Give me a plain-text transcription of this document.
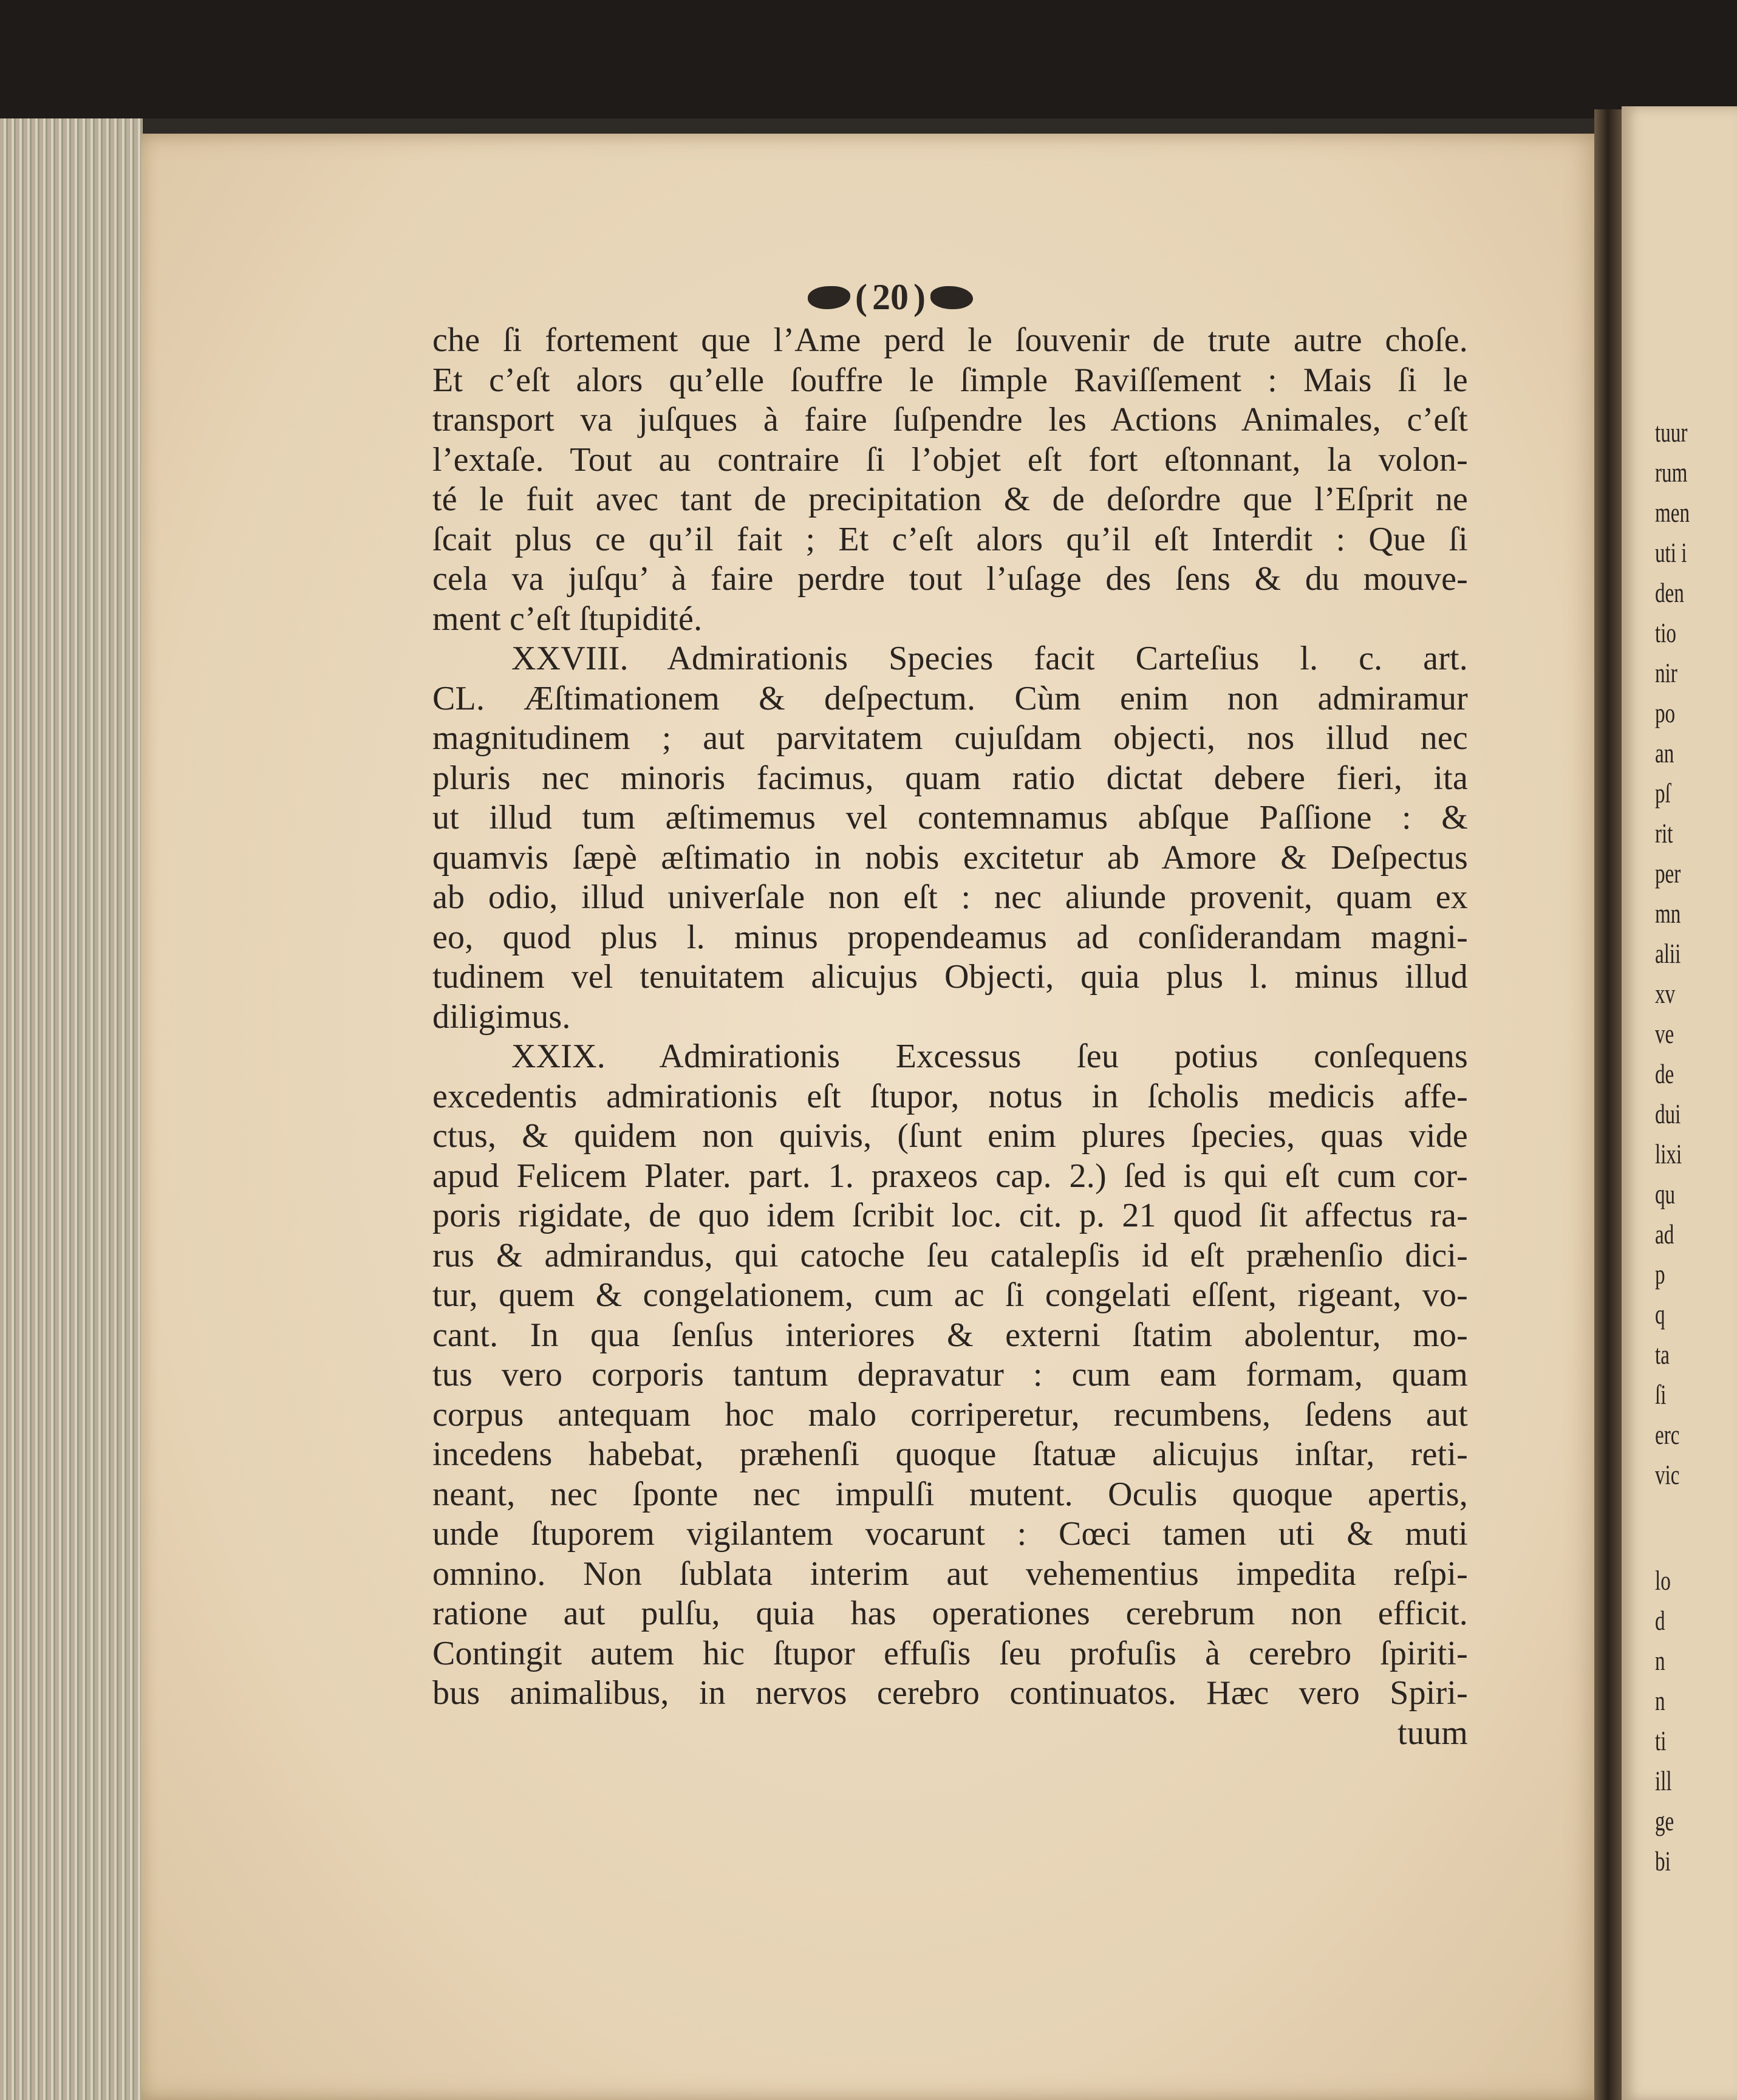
tuur
rum
men
uti i
den
tio
nir
po
an
pſ
rit
per
mn
alii
xv
ve
de
dui
lixi
qu
ad
p
q
ta
ſi
erc
vic
lo
d
n
n
ti
ill
ge
bi
( 20 )
che ſi fortement que l’Ame perd le ſouvenir de trute autre choſe.
Et c’eſt alors qu’elle ſouffre le ſimple Raviſſement : Mais ſi le
transport va juſques à faire ſuſpendre les Actions Animales, c’eſt
l’extaſe. Tout au contraire ſi l’objet eſt fort eſtonnant, la volon-
té le fuit avec tant de precipitation & de deſordre que l’Eſprit ne
ſcait plus ce qu’il fait ; Et c’eſt alors qu’il eſt Interdit : Que ſi
cela va juſqu’ à faire perdre tout l’uſage des ſens & du mouve-
ment c’eſt ſtupidité.
XXVIII. Admirationis Species facit Carteſius l. c. art.
CL. Æſtimationem & deſpectum. Cùm enim non admiramur
magnitudinem ; aut parvitatem cujuſdam objecti, nos illud nec
pluris nec minoris facimus, quam ratio dictat debere fieri, ita
ut illud tum æſtimemus vel contemnamus abſque Paſſione : &
quamvis ſæpè æſtimatio in nobis excitetur ab Amore & Deſpectus
ab odio, illud univerſale non eſt : nec aliunde provenit, quam ex
eo, quod plus l. minus propendeamus ad conſiderandam magni-
tudinem vel tenuitatem alicujus Objecti, quia plus l. minus illud
diligimus.
XXIX. Admirationis Excessus ſeu potius conſequens
excedentis admirationis eſt ſtupor, notus in ſcholis medicis affe-
ctus, & quidem non quivis, (ſunt enim plures ſpecies, quas vide
apud Felicem Plater. part. 1. praxeos cap. 2.) ſed is qui eſt cum cor-
poris rigidate, de quo idem ſcribit loc. cit. p. 21 quod ſit affectus ra-
rus & admirandus, qui catoche ſeu catalepſis id eſt præhenſio dici-
tur, quem & congelationem, cum ac ſi congelati eſſent, rigeant, vo-
cant. In qua ſenſus interiores & externi ſtatim abolentur, mo-
tus vero corporis tantum depravatur : cum eam formam, quam
corpus antequam hoc malo corriperetur, recumbens, ſedens aut
incedens habebat, præhenſi quoque ſtatuæ alicujus inſtar, reti-
neant, nec ſponte nec impulſi mutent. Oculis quoque apertis,
unde ſtuporem vigilantem vocarunt : Cœci tamen uti & muti
omnino. Non ſublata interim aut vehementius impedita reſpi-
ratione aut pulſu, quia has operationes cerebrum non efficit.
Contingit autem hic ſtupor effuſis ſeu profuſis à cerebro ſpiriti-
bus animalibus, in nervos cerebro continuatos. Hæc vero Spiri-
tuum
